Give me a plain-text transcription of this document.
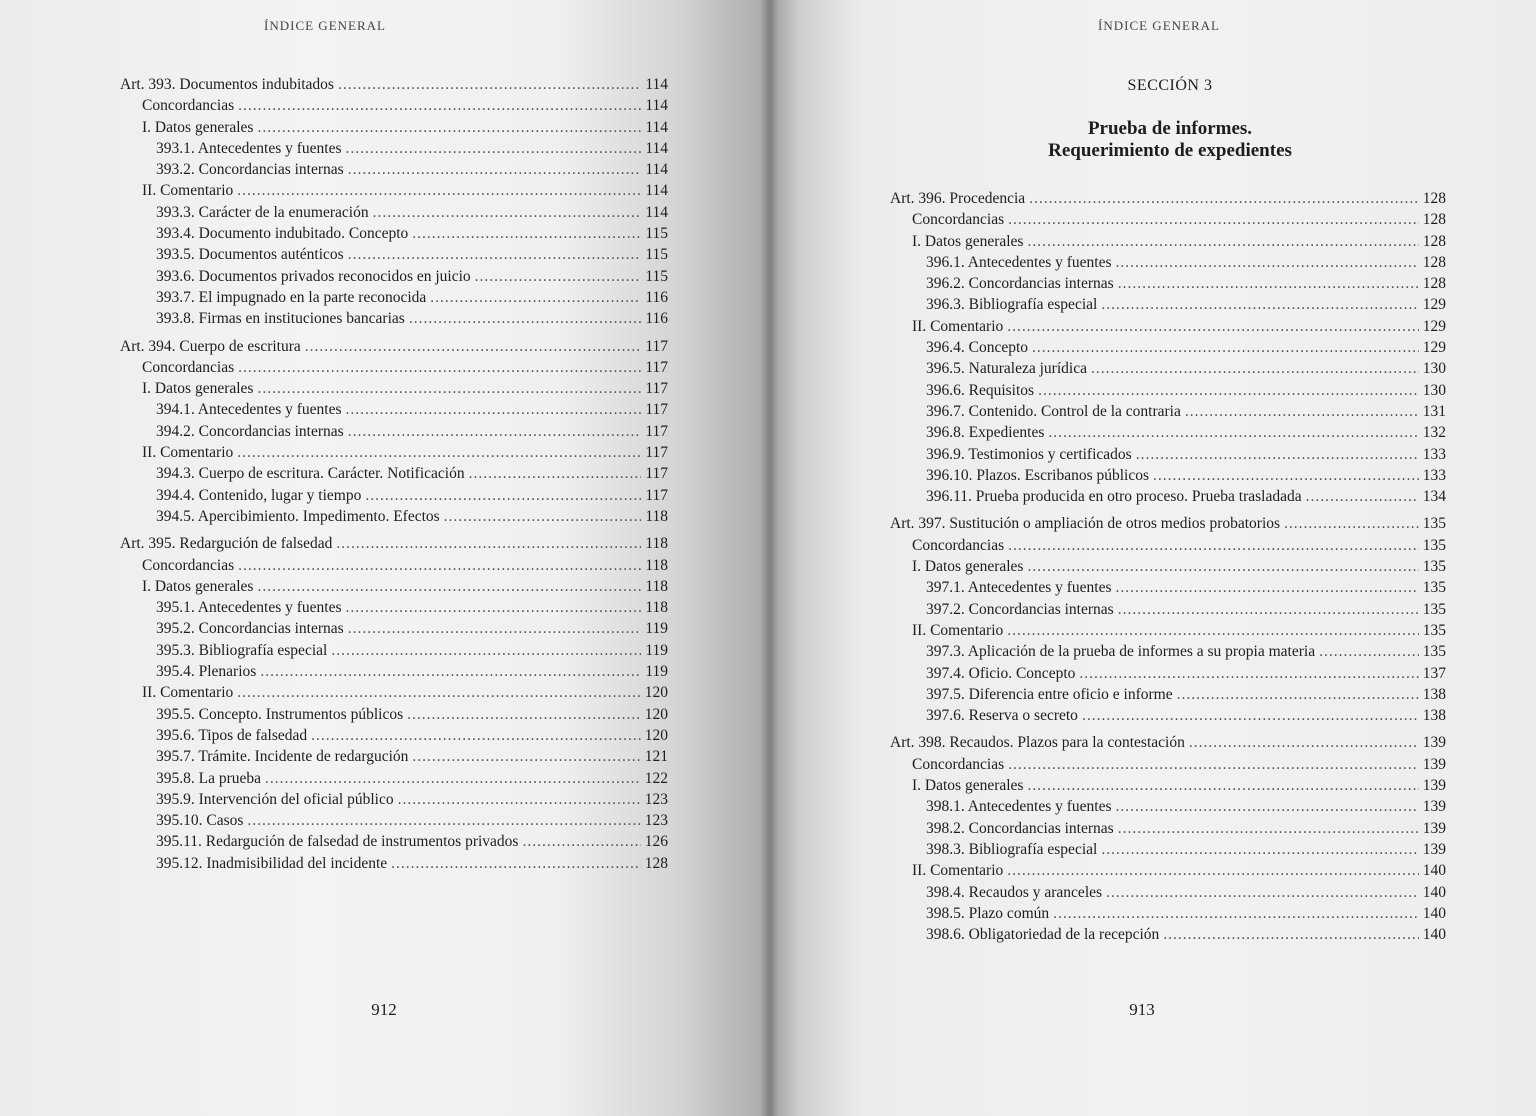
ÍNDICE GENERAL
Art. 393. Documentos indubitados .....	114
Concordancias .....	114
I. Datos generales .....	114
393.1. Antecedentes y fuentes .....	114
393.2. Concordancias internas .....	114
II. Comentario .....	114
393.3. Carácter de la enumeración .....	114
393.4. Documento indubitado. Concepto .....	115
393.5. Documentos auténticos .....	115
393.6. Documentos privados reconocidos en juicio .....	115
393.7. El impugnado en la parte reconocida .....	116
393.8. Firmas en instituciones bancarias .....	116
Art. 394. Cuerpo de escritura .....	117
Concordancias .....	117
I. Datos generales .....	117
394.1. Antecedentes y fuentes .....	117
394.2. Concordancias internas .....	117
II. Comentario .....	117
394.3. Cuerpo de escritura. Carácter. Notificación .....	117
394.4. Contenido, lugar y tiempo .....	117
394.5. Apercibimiento. Impedimento. Efectos .....	118
Art. 395. Redargución de falsedad .....	118
Concordancias .....	118
I. Datos generales .....	118
395.1. Antecedentes y fuentes .....	118
395.2. Concordancias internas .....	119
395.3. Bibliografía especial .....	119
395.4. Plenarios .....	119
II. Comentario .....	120
395.5. Concepto. Instrumentos públicos .....	120
395.6. Tipos de falsedad .....	120
395.7. Trámite. Incidente de redargución .....	121
395.8. La prueba .....	122
395.9. Intervención del oficial público .....	123
395.10. Casos .....	123
395.11. Redargución de falsedad de instrumentos privados .....	126
395.12. Inadmisibilidad del incidente .....	128
912
ÍNDICE GENERAL
SECCIÓN 3
Prueba de informes.
Requerimiento de expedientes
Art. 396. Procedencia .....	128
Concordancias .....	128
I. Datos generales .....	128
396.1. Antecedentes y fuentes .....	128
396.2. Concordancias internas .....	128
396.3. Bibliografía especial .....	129
II. Comentario .....	129
396.4. Concepto .....	129
396.5. Naturaleza jurídica .....	130
396.6. Requisitos .....	130
396.7. Contenido. Control de la contraria .....	131
396.8. Expedientes .....	132
396.9. Testimonios y certificados .....	133
396.10. Plazos. Escribanos públicos .....	133
396.11. Prueba producida en otro proceso. Prueba trasladada .....	134
Art. 397. Sustitución o ampliación de otros medios probatorios .....	135
Concordancias .....	135
I. Datos generales .....	135
397.1. Antecedentes y fuentes .....	135
397.2. Concordancias internas .....	135
II. Comentario .....	135
397.3. Aplicación de la prueba de informes a su propia materia .....	135
397.4. Oficio. Concepto .....	137
397.5. Diferencia entre oficio e informe .....	138
397.6. Reserva o secreto .....	138
Art. 398. Recaudos. Plazos para la contestación .....	139
Concordancias .....	139
I. Datos generales .....	139
398.1. Antecedentes y fuentes .....	139
398.2. Concordancias internas .....	139
398.3. Bibliografía especial .....	139
II. Comentario .....	140
398.4. Recaudos y aranceles .....	140
398.5. Plazo común .....	140
398.6. Obligatoriedad de la recepción .....	140
913
